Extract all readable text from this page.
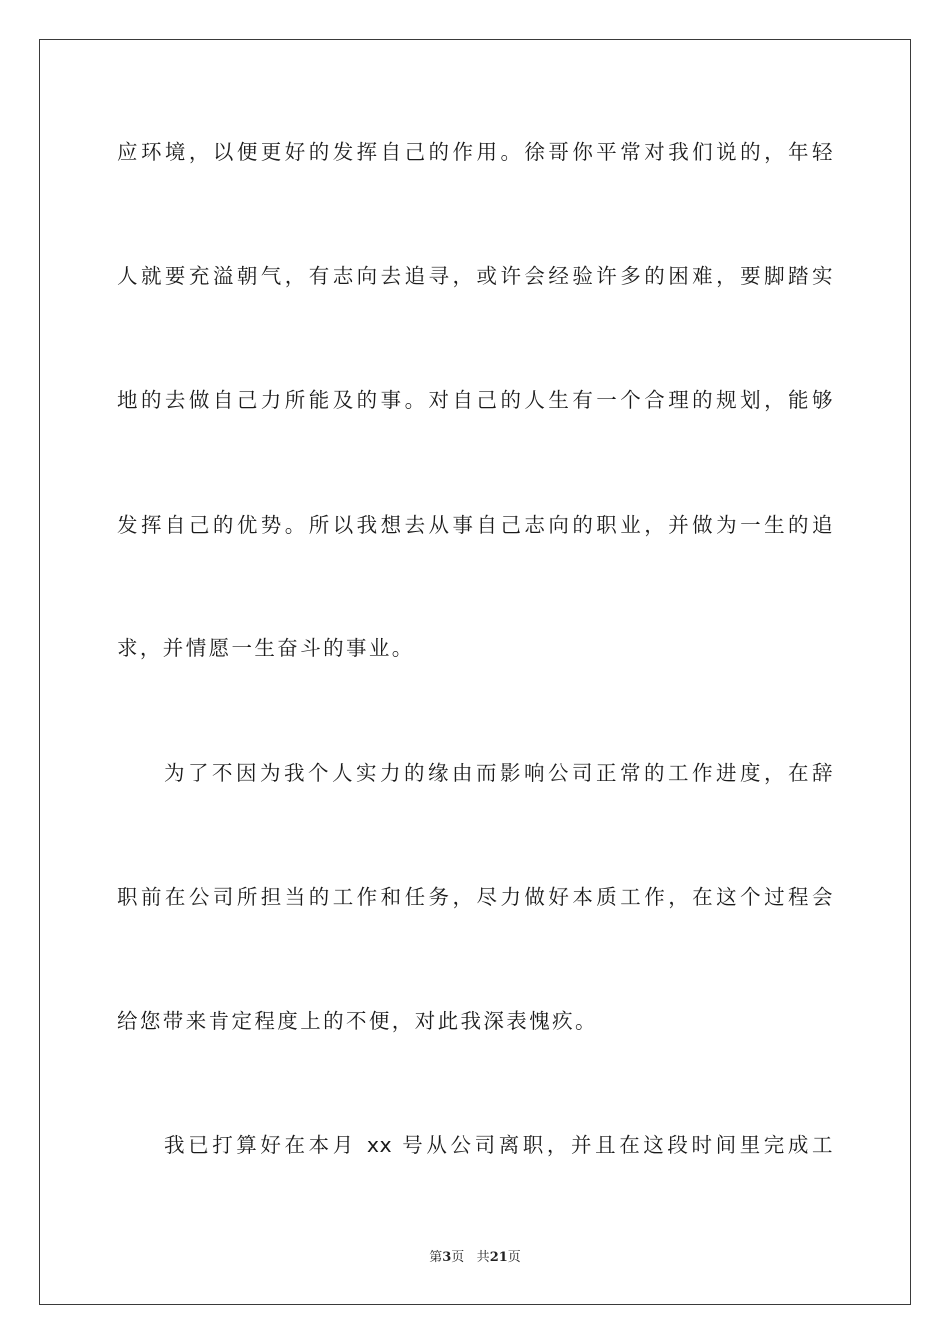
应环境，以便更好的发挥自己的作用。徐哥你平常对我们说的，年轻
人就要充溢朝气，有志向去追寻，或许会经验许多的困难，要脚踏实
地的去做自己力所能及的事。对自己的人生有一个合理的规划，能够
发挥自己的优势。所以我想去从事自己志向的职业，并做为一生的追
求，并情愿一生奋斗的事业。
为了不因为我个人实力的缘由而影响公司正常的工作进度，在辞
职前在公司所担当的工作和任务，尽力做好本质工作，在这个过程会
给您带来肯定程度上的不便，对此我深表愧疚。
我已打算好在本月 xx 号从公司离职，并且在这段时间里完成工
第3页 共21页
